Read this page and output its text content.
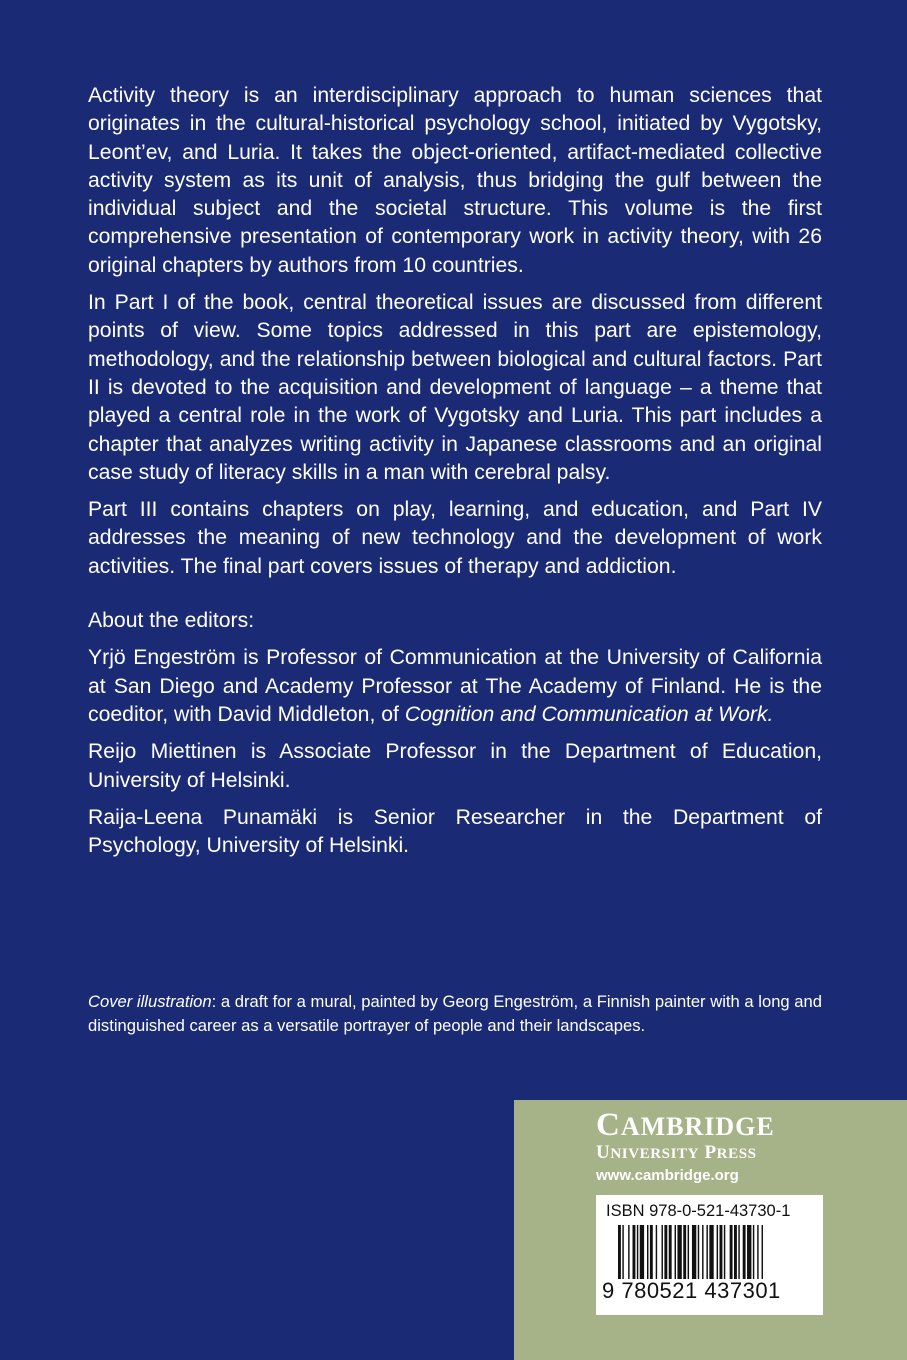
Activity theory is an interdisciplinary approach to human sciences that originates in the cultural-historical psychology school, initiated by Vygotsky, Leont’ev, and Luria. It takes the object-oriented, artifact-mediated collective activity system as its unit of analysis, thus bridging the gulf between the individual subject and the societal structure. This volume is the first comprehensive presentation of contemporary work in activity theory, with 26 original chapters by authors from 10 countries.

In Part I of the book, central theoretical issues are discussed from different points of view. Some topics addressed in this part are epistemology, methodology, and the relationship between biological and cultural factors. Part II is devoted to the acquisition and development of language – a theme that played a central role in the work of Vygotsky and Luria. This part includes a chapter that analyzes writing activity in Japanese classrooms and an original case study of literacy skills in a man with cerebral palsy.

Part III contains chapters on play, learning, and education, and Part IV addresses the meaning of new technology and the development of work activities. The final part covers issues of therapy and addiction.

About the editors:

Yrjö Engeström is Professor of Communication at the University of California at San Diego and Academy Professor at The Academy of Finland. He is the coeditor, with David Middleton, of Cognition and Communication at Work.

Reijo Miettinen is Associate Professor in the Department of Education, University of Helsinki.

Raija-Leena Punamäki is Senior Researcher in the Department of Psychology, University of Helsinki.

Cover illustration: a draft for a mural, painted by Georg Engeström, a Finnish painter with a long and distinguished career as a versatile portrayer of people and their landscapes.

CAMBRIDGE
UNIVERSITY PRESS
www.cambridge.org
ISBN 978-0-521-43730-1
9 780521 437301
